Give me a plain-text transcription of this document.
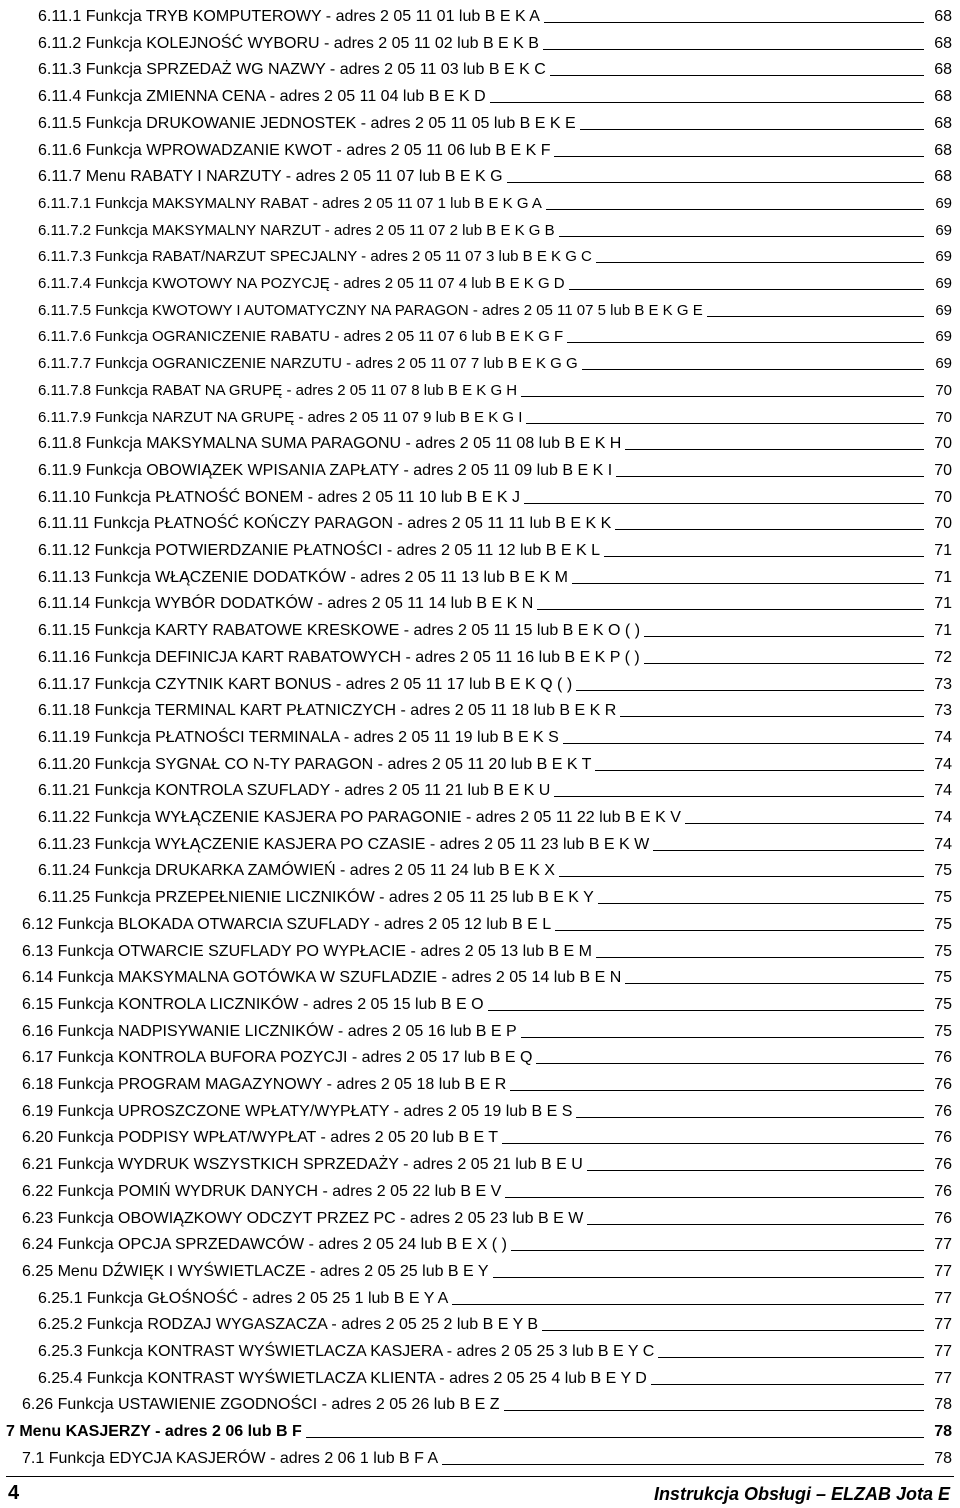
6.11.1 Funkcja TRYB KOMPUTEROWY - adres 2 05 11 01 lub B E K A	68
6.11.2 Funkcja KOLEJNOŚĆ WYBORU - adres 2 05 11 02 lub B E K B	68
6.11.3 Funkcja SPRZEDAŻ WG NAZWY - adres 2 05 11 03 lub B E K C	68
6.11.4 Funkcja ZMIENNA CENA - adres 2 05 11 04 lub B E K D	68
6.11.5 Funkcja DRUKOWANIE JEDNOSTEK - adres 2 05 11 05 lub B E K E	68
6.11.6 Funkcja WPROWADZANIE KWOT - adres 2 05 11 06 lub B E K F	68
6.11.7 Menu RABATY I NARZUTY - adres 2 05 11 07 lub B E K G	68
6.11.7.1 Funkcja MAKSYMALNY RABAT - adres 2 05 11 07 1 lub B E K G A	69
6.11.7.2 Funkcja MAKSYMALNY NARZUT - adres 2 05 11 07 2 lub B E K G B	69
6.11.7.3 Funkcja RABAT/NARZUT SPECJALNY - adres 2 05 11 07 3 lub B E K G C	69
6.11.7.4 Funkcja KWOTOWY NA POZYCJĘ - adres 2 05 11 07 4 lub B E K G D	69
6.11.7.5 Funkcja KWOTOWY I AUTOMATYCZNY NA PARAGON - adres 2 05 11 07 5 lub B E K G E	69
6.11.7.6 Funkcja OGRANICZENIE RABATU - adres 2 05 11 07 6 lub B E K G F	69
6.11.7.7 Funkcja OGRANICZENIE NARZUTU - adres 2 05 11 07 7 lub B E K G G	69
6.11.7.8 Funkcja RABAT NA GRUPĘ - adres 2 05 11 07 8 lub B E K G H	70
6.11.7.9 Funkcja NARZUT NA GRUPĘ - adres 2 05 11 07 9 lub B E K G I	70
6.11.8 Funkcja MAKSYMALNA SUMA PARAGONU - adres 2 05 11 08 lub B E K H	70
6.11.9 Funkcja OBOWIĄZEK WPISANIA ZAPŁATY - adres 2 05 11 09 lub B E K I	70
6.11.10 Funkcja PŁATNOŚĆ BONEM - adres 2 05 11 10 lub B E K J	70
6.11.11 Funkcja PŁATNOŚĆ KOŃCZY PARAGON - adres 2 05 11 11 lub B E K K	70
6.11.12 Funkcja POTWIERDZANIE PŁATNOŚCI - adres 2 05 11 12 lub B E K L	71
6.11.13 Funkcja WŁĄCZENIE DODATKÓW - adres 2 05 11 13 lub B E K M	71
6.11.14 Funkcja WYBÓR DODATKÓW - adres 2 05 11 14 lub B E K N	71
6.11.15 Funkcja KARTY RABATOWE KRESKOWE - adres 2 05 11 15 lub B E K O ( )	71
6.11.16 Funkcja DEFINICJA KART RABATOWYCH - adres 2 05 11 16 lub B E K P ( )	72
6.11.17 Funkcja CZYTNIK KART BONUS - adres 2 05 11 17 lub B E K Q ( )	73
6.11.18 Funkcja TERMINAL KART PŁATNICZYCH - adres 2 05 11 18 lub B E K R	73
6.11.19 Funkcja PŁATNOŚCI TERMINALA - adres 2 05 11 19 lub B E K S	74
6.11.20 Funkcja SYGNAŁ CO N-TY PARAGON - adres 2 05 11 20 lub B E K T	74
6.11.21 Funkcja KONTROLA SZUFLADY - adres 2 05 11 21 lub B E K U	74
6.11.22 Funkcja WYŁĄCZENIE KASJERA PO PARAGONIE - adres 2 05 11 22 lub B E K V	74
6.11.23 Funkcja WYŁĄCZENIE KASJERA PO CZASIE - adres 2 05 11 23 lub B E K W	74
6.11.24 Funkcja DRUKARKA ZAMÓWIEŃ - adres 2 05 11 24 lub B E K X	75
6.11.25 Funkcja PRZEPEŁNIENIE LICZNIKÓW - adres 2 05 11 25 lub B E K Y	75
6.12 Funkcja BLOKADA OTWARCIA SZUFLADY - adres 2 05 12 lub B E L	75
6.13 Funkcja OTWARCIE SZUFLADY PO WYPŁACIE - adres 2 05 13 lub B E M	75
6.14 Funkcja MAKSYMALNA GOTÓWKA W SZUFLADZIE - adres 2 05 14 lub B E N	75
6.15 Funkcja KONTROLA LICZNIKÓW - adres 2 05 15 lub B E O	75
6.16 Funkcja NADPISYWANIE LICZNIKÓW - adres 2 05 16 lub B E P	75
6.17 Funkcja KONTROLA BUFORA POZYCJI - adres 2 05 17 lub B E Q	76
6.18 Funkcja PROGRAM MAGAZYNOWY - adres 2 05 18 lub B E R	76
6.19 Funkcja UPROSZCZONE WPŁATY/WYPŁATY - adres 2 05 19 lub B E S	76
6.20 Funkcja PODPISY WPŁAT/WYPŁAT - adres 2 05 20 lub B E T	76
6.21 Funkcja WYDRUK WSZYSTKICH SPRZEDAŻY - adres 2 05 21 lub B E U	76
6.22 Funkcja POMIŃ WYDRUK DANYCH - adres 2 05 22 lub B E V	76
6.23 Funkcja OBOWIĄZKOWY ODCZYT PRZEZ PC - adres 2 05 23 lub B E W	76
6.24 Funkcja OPCJA SPRZEDAWCÓW - adres 2 05 24 lub B E X ( )	77
6.25 Menu DŹWIĘK I WYŚWIETLACZE - adres 2 05 25 lub B E Y	77
6.25.1 Funkcja GŁOŚNOŚĆ - adres 2 05 25 1 lub B E Y A	77
6.25.2 Funkcja RODZAJ WYGASZACZA - adres 2 05 25 2 lub B E Y B	77
6.25.3 Funkcja KONTRAST WYŚWIETLACZA KASJERA - adres 2 05 25 3 lub B E Y C	77
6.25.4 Funkcja KONTRAST WYŚWIETLACZA KLIENTA - adres 2 05 25 4 lub B E Y D	77
6.26 Funkcja USTAWIENIE ZGODNOŚCI - adres 2 05 26 lub B E Z	78
7 Menu KASJERZY - adres 2 06 lub B F	78
7.1 Funkcja EDYCJA KASJERÓW - adres 2 06 1 lub B F A	78
4	Instrukcja Obsługi – ELZAB Jota E
